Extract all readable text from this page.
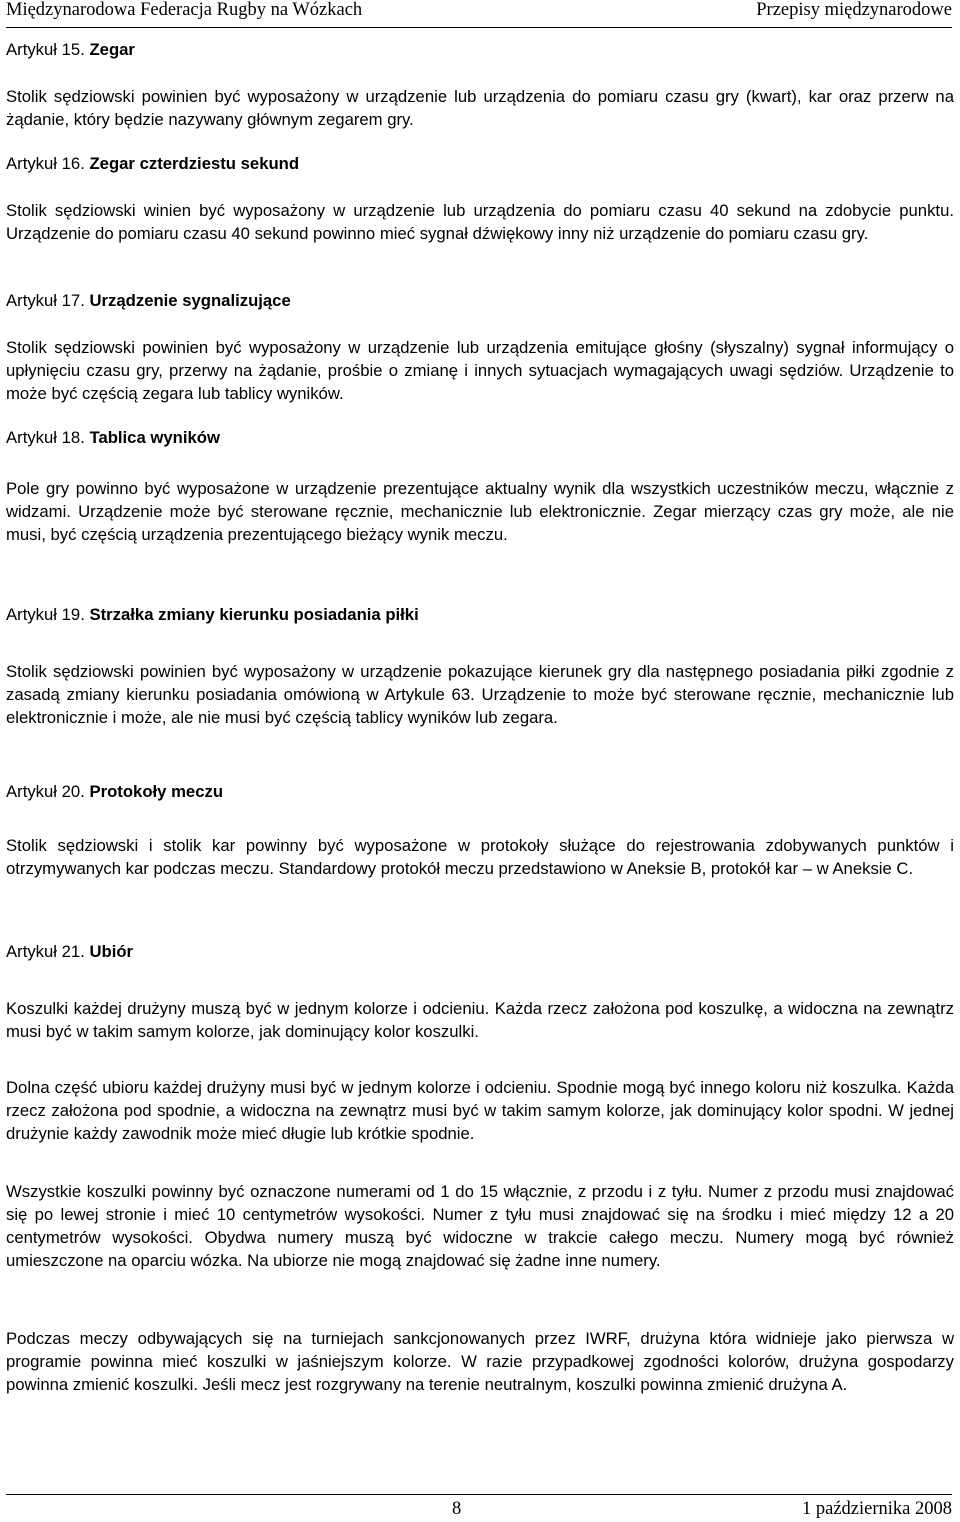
Międzynarodowa Federacja Rugby na Wózkach	Przepisy międzynarodowe
Artykuł 15. Zegar
Stolik sędziowski powinien być wyposażony w urządzenie lub urządzenia do pomiaru czasu gry (kwart), kar oraz przerw na żądanie, który będzie nazywany głównym zegarem gry.
Artykuł 16. Zegar czterdziestu sekund
Stolik sędziowski winien być wyposażony w urządzenie lub urządzenia do pomiaru czasu 40 sekund na zdobycie punktu. Urządzenie do pomiaru czasu 40 sekund powinno mieć sygnał dźwiękowy inny niż urządzenie do pomiaru czasu gry.
Artykuł 17. Urządzenie sygnalizujące
Stolik sędziowski powinien być wyposażony w urządzenie lub urządzenia emitujące głośny (słyszalny) sygnał informujący o upłynięciu czasu gry, przerwy na żądanie, prośbie o zmianę i innych sytuacjach wymagających uwagi sędziów. Urządzenie to może być częścią zegara lub tablicy wyników.
Artykuł 18. Tablica wyników
Pole gry powinno być wyposażone w urządzenie prezentujące aktualny wynik dla wszystkich uczestników meczu, włącznie z widzami. Urządzenie może być sterowane ręcznie, mechanicznie lub elektronicznie. Zegar mierzący czas gry może, ale nie musi, być częścią urządzenia prezentującego bieżący wynik meczu.
Artykuł 19. Strzałka zmiany kierunku posiadania piłki
Stolik sędziowski powinien być wyposażony w urządzenie pokazujące kierunek gry dla następnego posiadania piłki zgodnie z zasadą zmiany kierunku posiadania omówioną w Artykule 63. Urządzenie to może być sterowane ręcznie, mechanicznie lub elektronicznie i może, ale nie musi być częścią tablicy wyników lub zegara.
Artykuł 20. Protokoły meczu
Stolik sędziowski i stolik kar powinny być wyposażone w protokoły służące do rejestrowania zdobywanych punktów i otrzymywanych kar podczas meczu. Standardowy protokół meczu przedstawiono w Aneksie B, protokół kar – w Aneksie C.
Artykuł 21. Ubiór
Koszulki każdej drużyny muszą być w jednym kolorze i odcieniu. Każda rzecz założona pod koszulkę, a widoczna na zewnątrz musi być w takim samym kolorze, jak dominujący kolor koszulki.
Dolna część ubioru każdej drużyny musi być w jednym kolorze i odcieniu. Spodnie mogą być innego koloru niż koszulka. Każda rzecz założona pod spodnie, a widoczna na zewnątrz musi być w takim samym kolorze, jak dominujący kolor spodni. W jednej drużynie każdy zawodnik może mieć długie lub krótkie spodnie.
Wszystkie koszulki powinny być oznaczone numerami od 1 do 15 włącznie, z przodu i z tyłu. Numer z przodu musi znajdować się po lewej stronie i mieć 10 centymetrów wysokości. Numer z tyłu musi znajdować się na środku i mieć między 12 a 20 centymetrów wysokości. Obydwa numery muszą być widoczne w trakcie całego meczu. Numery mogą być również umieszczone na oparciu wózka. Na ubiorze nie mogą znajdować się żadne inne numery.
Podczas meczy odbywających się na turniejach sankcjonowanych przez IWRF, drużyna która widnieje jako pierwsza w programie powinna mieć koszulki w jaśniejszym kolorze. W razie przypadkowej zgodności kolorów, drużyna gospodarzy powinna zmienić koszulki. Jeśli mecz jest rozgrywany na terenie neutralnym, koszulki powinna zmienić drużyna A.
8	1 października 2008
